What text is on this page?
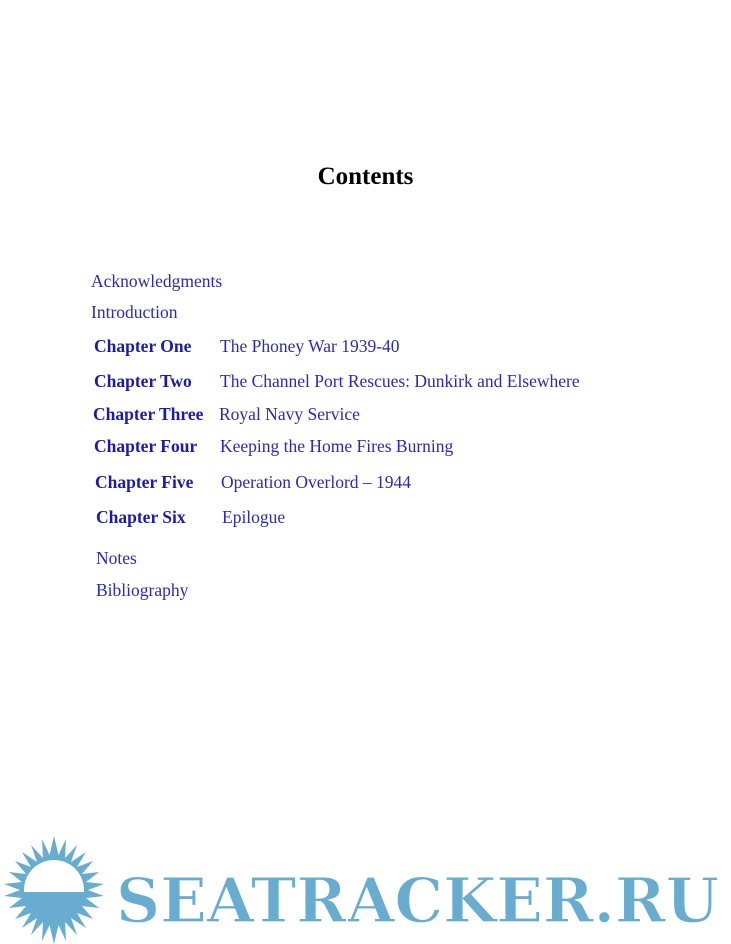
Contents
Acknowledgments
Introduction
Chapter One The Phoney War 1939-40
Chapter Two The Channel Port Rescues: Dunkirk and Elsewhere
Chapter Three Royal Navy Service
Chapter Four Keeping the Home Fires Burning
Chapter Five Operation Overlord – 1944
Chapter Six Epilogue
Notes
Bibliography
SEATRACKER.RU
